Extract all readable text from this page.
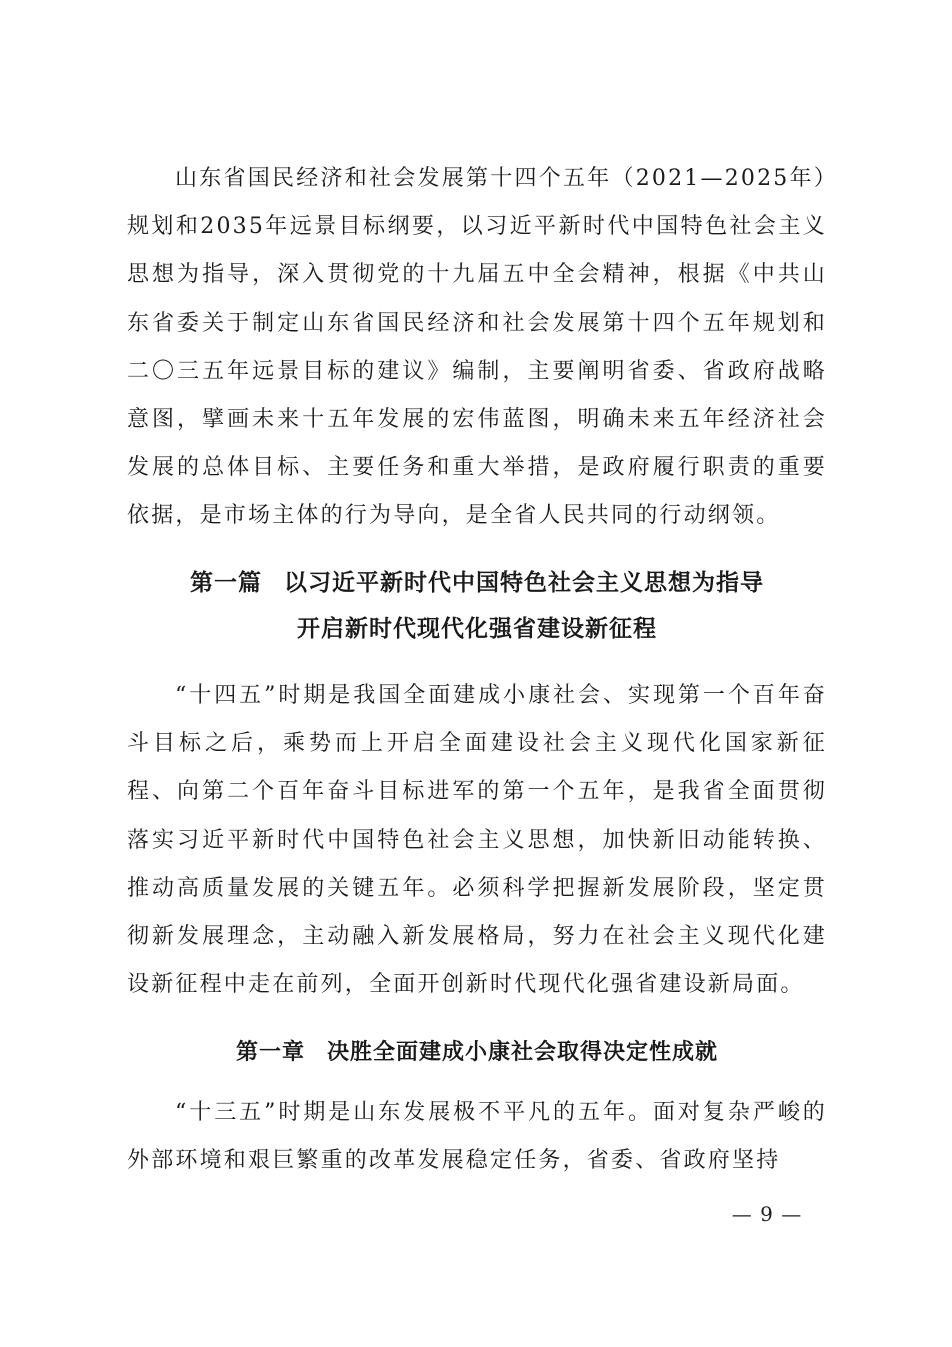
山东省国民经济和社会发展第十四个五年（2021—2025年）规划和2035年远景目标纲要，以习近平新时代中国特色社会主义思想为指导，深入贯彻党的十九届五中全会精神，根据《中共山东省委关于制定山东省国民经济和社会发展第十四个五年规划和二〇三五年远景目标的建议》编制，主要阐明省委、省政府战略意图，擘画未来十五年发展的宏伟蓝图，明确未来五年经济社会发展的总体目标、主要任务和重大举措，是政府履行职责的重要依据，是市场主体的行为导向，是全省人民共同的行动纲领。

第一篇 以习近平新时代中国特色社会主义思想为指导
开启新时代现代化强省建设新征程

“十四五”时期是我国全面建成小康社会、实现第一个百年奋斗目标之后，乘势而上开启全面建设社会主义现代化国家新征程、向第二个百年奋斗目标进军的第一个五年，是我省全面贯彻落实习近平新时代中国特色社会主义思想，加快新旧动能转换、推动高质量发展的关键五年。必须科学把握新发展阶段，坚定贯彻新发展理念，主动融入新发展格局，努力在社会主义现代化建设新征程中走在前列，全面开创新时代现代化强省建设新局面。

第一章 决胜全面建成小康社会取得决定性成就

“十三五”时期是山东发展极不平凡的五年。面对复杂严峻的外部环境和艰巨繁重的改革发展稳定任务，省委、省政府坚持

— 9 —
